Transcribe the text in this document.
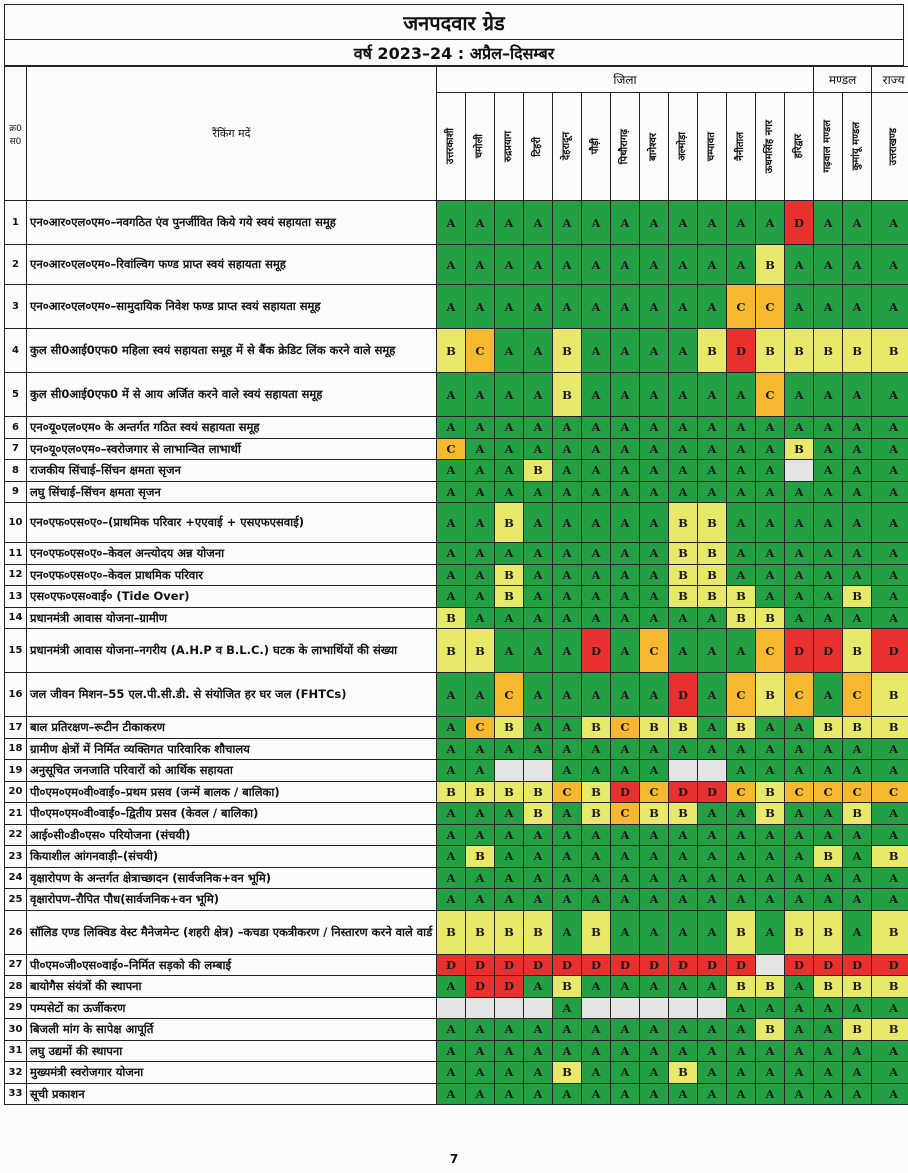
जनपदवार ग्रेड
वर्ष 2023–24 : अप्रैल–दिसम्बर
क्र0 स0	रैंकिंग मदें	जिला													मण्डल		राज्य

		उत्तरकाशी	चमोली	रुद्रप्रयाग	टिहरी	देहरादून	पौड़ी	पिथौरागढ़	बागेश्वर	अल्मोड़ा	चम्पावत	नैनीताल	ऊधमसिंह नगर	हरिद्वार	गढ़वाल मण्डल	कुमांयू मण्डल	उत्तराखण्ड

1	एन०आर०एल०एम०–नवगठित एंव पुनर्जीवित किये गये स्वयं सहायता समूह	A	A	A	A	A	A	A	A	A	A	A	A	D	A	A	A
2	एन०आर०एल०एम०–रिवांल्विग फण्ड प्राप्त स्वयं सहायता समूह	A	A	A	A	A	A	A	A	A	A	A	B	A	A	A	A
3	एन०आर०एल०एम०–सामुदायिक निवेश फण्ड प्राप्त स्वयं सहायता समूह	A	A	A	A	A	A	A	A	A	A	C	C	A	A	A	A
4	कुल सी0आई0एफ0 महिला स्वयं सहायता समूह में से बैंक क्रेडिट लिंक करने वाले समूह	B	C	A	A	B	A	A	A	A	B	D	B	B	B	B	B
5	कुल सी0आई0एफ0 में से आय अर्जित करने वाले स्वयं सहायता समूह	A	A	A	A	B	A	A	A	A	A	A	C	A	A	A	A
6	एन०यू०एल०एम० के अन्तर्गत गठित स्वयं सहायता समूह	A	A	A	A	A	A	A	A	A	A	A	A	A	A	A	A
7	एन०यू०एल०एम०–स्वरोजगार से लाभान्वित लाभार्थी	C	A	A	A	A	A	A	A	A	A	A	A	B	A	A	A
8	राजकीय सिंचाई–सिंचन क्षमता सृजन	A	A	A	B	A	A	A	A	A	A	A	A		A	A	A
9	लघु सिंचाई–सिंचन क्षमता सृजन	A	A	A	A	A	A	A	A	A	A	A	A	A	A	A	A
10	एन०एफ०एस०ए०–(प्राथमिक परिवार +एएवाई + एसएफएसवाई)	A	A	B	A	A	A	A	A	B	B	A	A	A	A	A	A
11	एन०एफ०एस०ए०–केवल अन्त्योदय अन्न योजना	A	A	A	A	A	A	A	A	B	B	A	A	A	A	A	A
12	एन०एफ०एस०ए०–केवल प्राथमिक परिवार	A	A	B	A	A	A	A	A	B	B	A	A	A	A	A	A
13	एस०एफ०एस०वाई० (Tide Over)	A	A	B	A	A	A	A	A	B	B	B	A	A	A	B	A
14	प्रधानमंत्री आवास योजना–ग्रामीण	B	A	A	A	A	A	A	A	A	A	B	B	A	A	A	A
15	प्रधानमंत्री आवास योजना–नगरीय (A.H.P व B.L.C.) घटक के लाभार्थियों की संख्या	B	B	A	A	A	D	A	C	A	A	A	C	D	D	B	D
16	जल जीवन मिशन–55 एल.पी.सी.डी. से संयोजित हर घर जल (FHTCs)	A	A	C	A	A	A	A	A	D	A	C	B	C	A	C	B
17	बाल प्रतिरक्षण–रूटीन टीकाकरण	A	C	B	A	A	B	C	B	B	A	B	A	A	B	B	B
18	ग्रामीण क्षेत्रों में निर्मित व्यक्तिगत पारिवारिक शौचालय	A	A	A	A	A	A	A	A	A	A	A	A	A	A	A	A
19	अनुसूचित जनजाति परिवारों को आर्थिक सहायता	A	A			A	A	A	A			A	A	A	A	A	A
20	पी०एम०एम०वी०वाई०–प्रथम प्रसव (जन्में बालक / बालिका)	B	B	B	B	C	B	D	C	D	D	C	B	C	C	C	C
21	पी०एम०एम०वी०वाई०–द्वितीय प्रसव (केवल / बालिका)	A	A	A	B	A	B	C	B	B	A	A	B	A	A	B	A
22	आई०सी०डी०एस० परियोजना (संचयी)	A	A	A	A	A	A	A	A	A	A	A	A	A	A	A	A
23	कियाशील आंगनवाड़ी–(संचयी)	A	B	A	A	A	A	A	A	A	A	A	A	A	B	A	B
24	वृक्षारोपण के अन्तर्गत क्षेत्राच्छादन (सार्वजनिक+वन भूमि)	A	A	A	A	A	A	A	A	A	A	A	A	A	A	A	A
25	वृक्षारोपण–रौपित पौध(सार्वजनिक+वन भूमि)	A	A	A	A	A	A	A	A	A	A	A	A	A	A	A	A
26	सॉलिड एण्ड लिक्विड वेस्ट मैनेजमेन्ट (शहरी क्षेत्र) –कचडा एकत्रीकरण / निस्तारण करने वाले वार्ड	B	B	B	B	A	B	A	A	A	A	B	A	B	B	A	B
27	पी०एम०जी०एस०वाई०–निर्मित सड़को की लम्बाई	D	D	D	D	D	D	D	D	D	D	D		D	D	D	D
28	बायोगैस संयंत्रों की स्थापना	A	D	D	A	B	A	A	A	A	A	B	B	A	B	B	B
29	पम्पसेटों का ऊर्जीकरण					A						A	A	A	A	A	A
30	बिजली मांग के सापेक्ष आपूर्ति	A	A	A	A	A	A	A	A	A	A	A	B	A	A	B	B
31	लघु उद्यमों की स्थापना	A	A	A	A	A	A	A	A	A	A	A	A	A	A	A	A
32	मुख्यमंत्री स्वरोजगार योजना	A	A	A	A	B	A	A	A	B	A	A	A	A	A	A	A
33	सूची प्रकाशन	A	A	A	A	A	A	A	A	A	A	A	A	A	A	A	A
7
